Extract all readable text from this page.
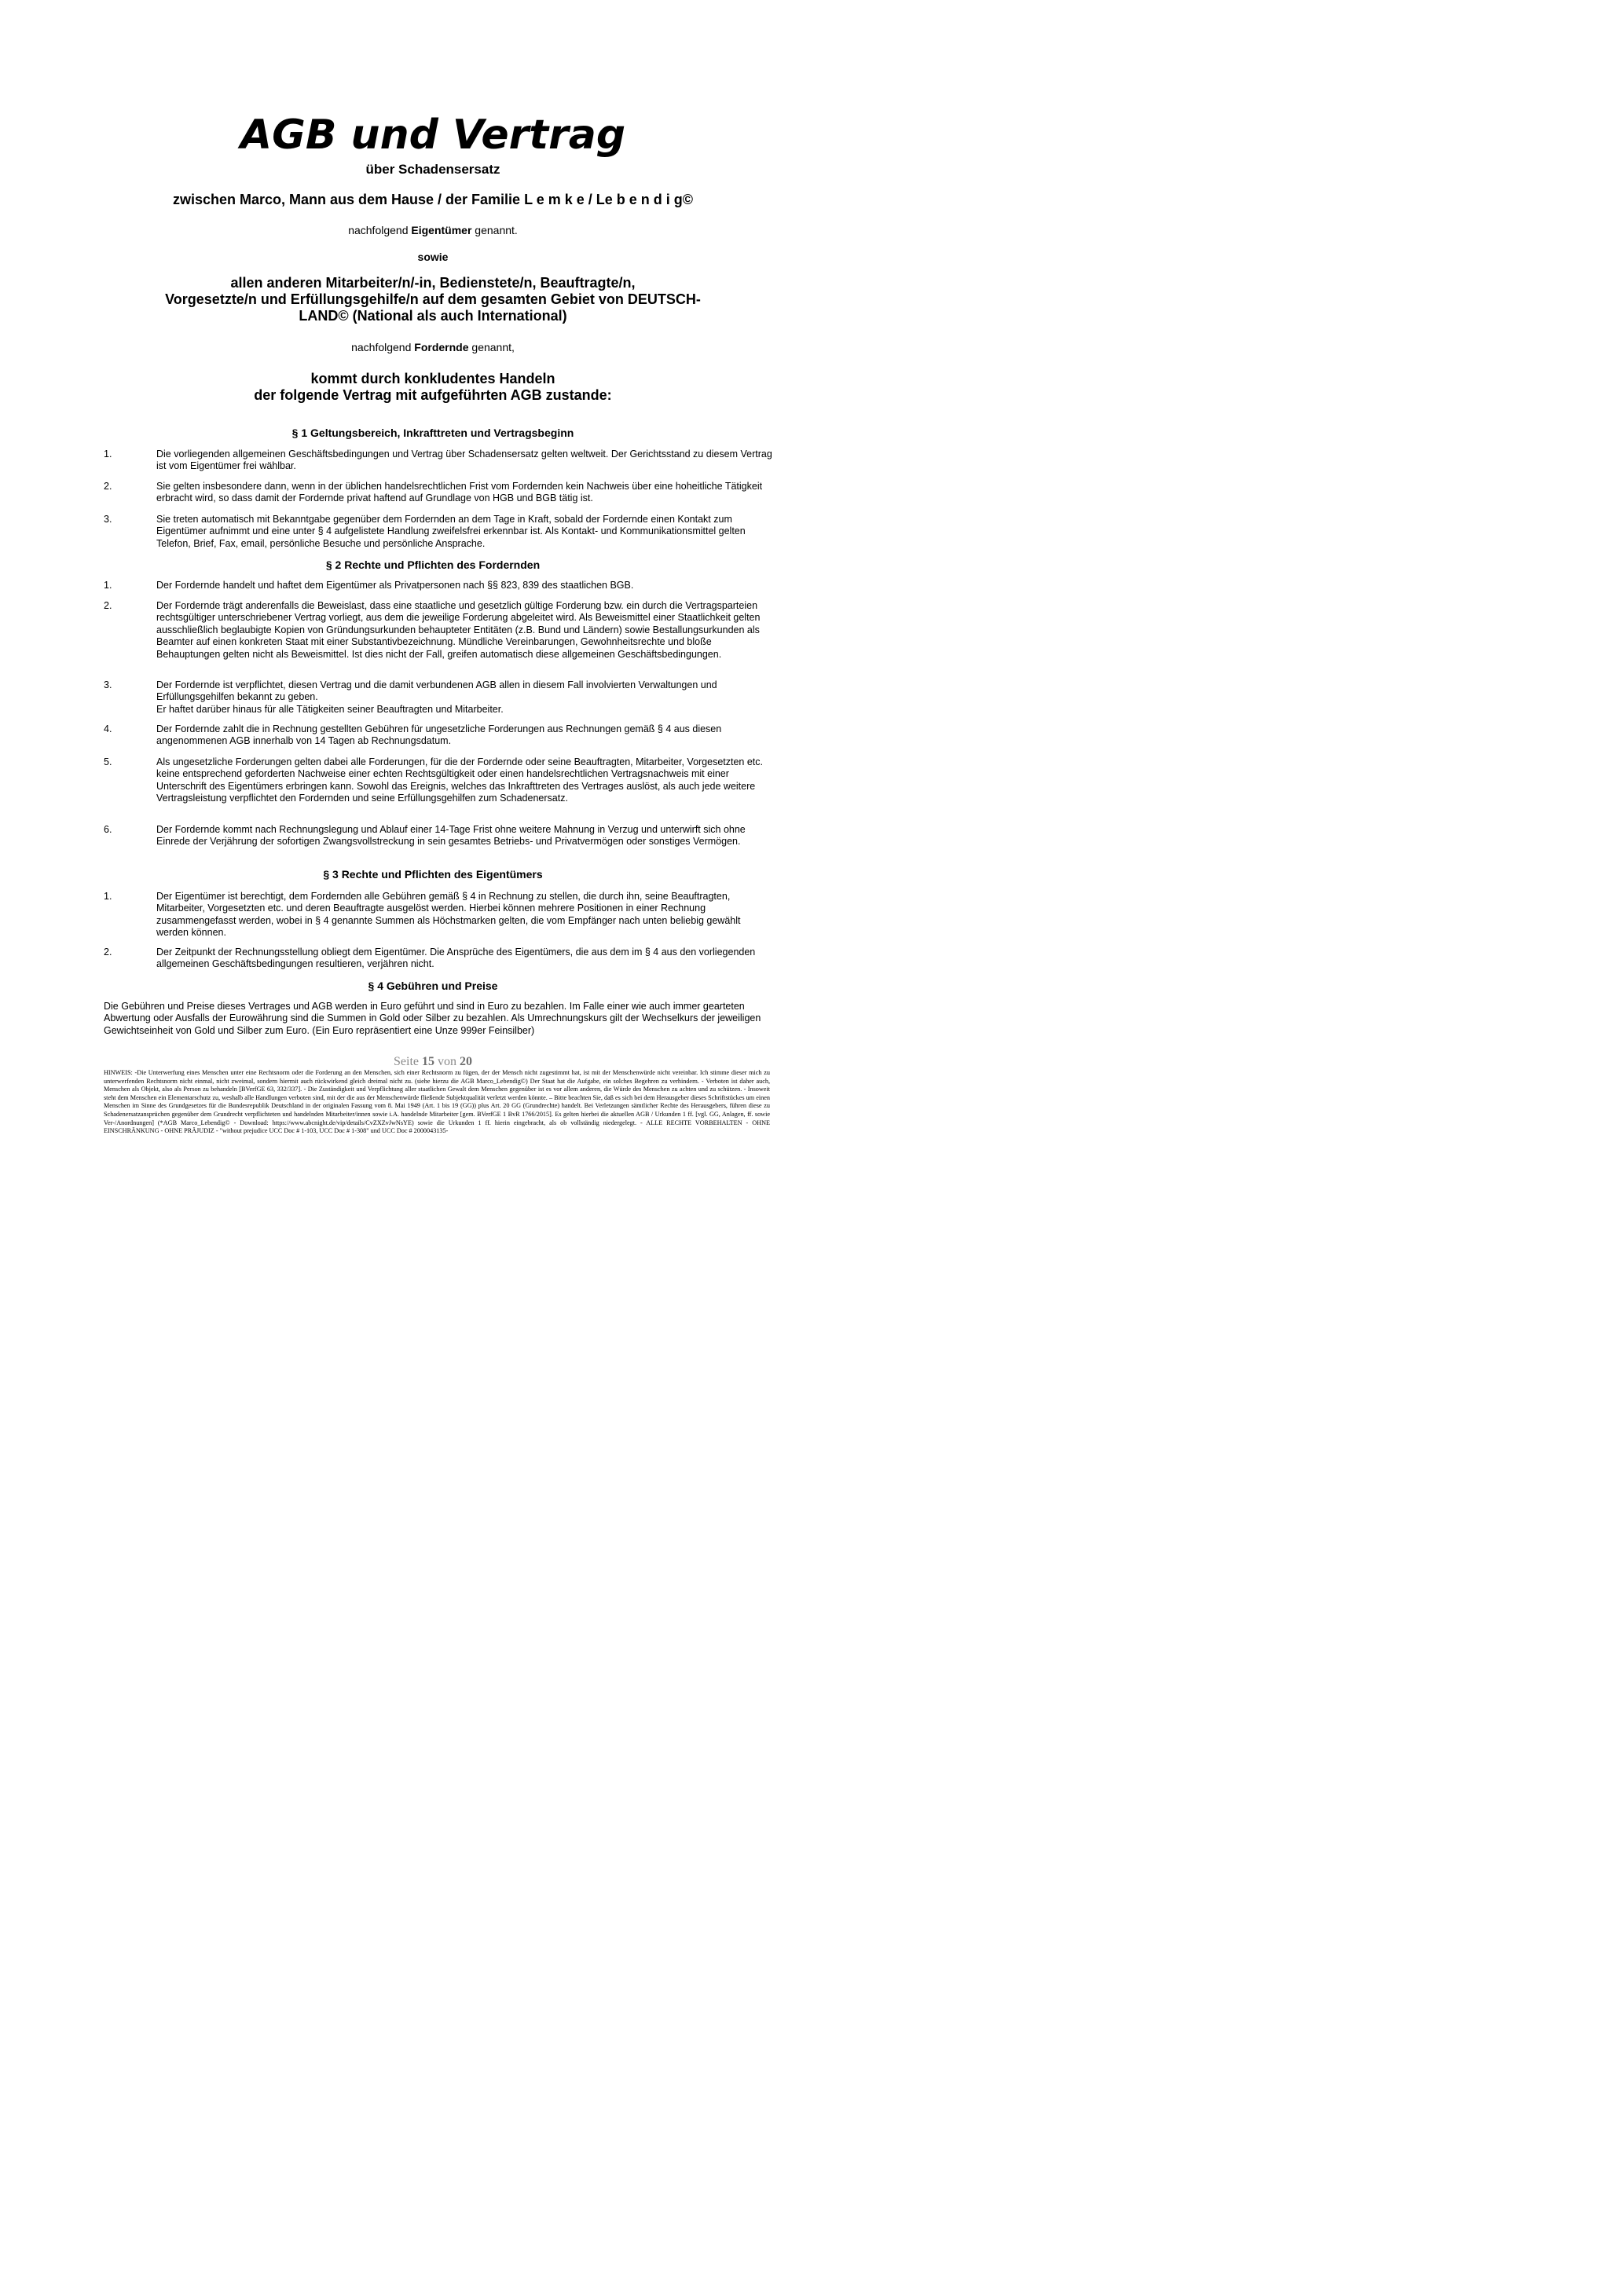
AGB und Vertrag
über Schadensersatz
zwischen Marco, Mann aus dem Hause / der Familie L e m k e / Le b e n d i g©
nachfolgend Eigentümer genannt.
sowie
allen anderen Mitarbeiter/n/-in, Bedienstete/n, Beauftragte/n,
Vorgesetzte/n und Erfüllungsgehilfe/n auf dem gesamten Gebiet von DEUTSCH-
LAND© (National als auch International)
nachfolgend Fordernde genannt,
kommt durch konkludentes Handeln
der folgende Vertrag mit aufgeführten AGB zustande:
§ 1 Geltungsbereich, Inkrafttreten und Vertragsbeginn
1.	Die vorliegenden allgemeinen Geschäftsbedingungen und Vertrag über Schadensersatz gelten weltweit. Der Gerichtsstand zu diesem Vertrag ist vom Eigentümer frei wählbar.
2.	Sie gelten insbesondere dann, wenn in der üblichen handelsrechtlichen Frist vom Fordernden kein Nachweis über eine hoheitliche Tätigkeit erbracht wird, so dass damit der Fordernde privat haftend auf Grundlage von HGB und BGB tätig ist.
3.	Sie treten automatisch mit Bekanntgabe gegenüber dem Fordernden an dem Tage in Kraft, sobald der Fordernde einen Kontakt zum Eigentümer aufnimmt und eine unter § 4 aufgelistete Handlung zweifelsfrei erkennbar ist. Als Kontakt- und Kommunikationsmittel gelten Telefon, Brief, Fax, email, persönliche Besuche und persönliche Ansprache.
§ 2 Rechte und Pflichten des Fordernden
1.	Der Fordernde handelt und haftet dem Eigentümer als Privatpersonen nach §§ 823, 839 des staatlichen BGB.
2.	Der Fordernde trägt anderenfalls die Beweislast, dass eine staatliche und gesetzlich gültige Forderung bzw. ein durch die Vertragsparteien rechtsgültiger unterschriebener Vertrag vorliegt, aus dem die jeweilige Forderung abgeleitet wird. Als Beweismittel einer Staatlichkeit gelten ausschließlich beglaubigte Kopien von Gründungsurkunden behaupteter Entitäten (z.B. Bund und Ländern) sowie Bestallungsurkunden als Beamter auf einen konkreten Staat mit einer Substantivbezeichnung. Mündliche Vereinbarungen, Gewohnheitsrechte und bloße Behauptungen gelten nicht als Beweismittel. Ist dies nicht der Fall, greifen automatisch diese allgemeinen Geschäftsbedingungen.
3.	Der Fordernde ist verpflichtet, diesen Vertrag und die damit verbundenen AGB allen in diesem Fall involvierten Verwaltungen und Erfüllungsgehilfen bekannt zu geben.
Er haftet darüber hinaus für alle Tätigkeiten seiner Beauftragten und Mitarbeiter.
4.	Der Fordernde zahlt die in Rechnung gestellten Gebühren für ungesetzliche Forderungen aus Rechnungen gemäß § 4 aus diesen angenommenen AGB innerhalb von 14 Tagen ab Rechnungsdatum.
5.	Als ungesetzliche Forderungen gelten dabei alle Forderungen, für die der Fordernde oder seine Beauftragten, Mitarbeiter, Vorgesetzten etc. keine entsprechend geforderten Nachweise einer echten Rechtsgültigkeit oder einen handelsrechtlichen Vertragsnachweis mit einer Unterschrift des Eigentümers erbringen kann. Sowohl das Ereignis, welches das Inkrafttreten des Vertrages auslöst, als auch jede weitere Vertragsleistung verpflichtet den Fordernden und seine Erfüllungsgehilfen zum Schadenersatz.
6.	Der Fordernde kommt nach Rechnungslegung und Ablauf einer 14-Tage Frist ohne weitere Mahnung in Verzug und unterwirft sich ohne Einrede der Verjährung der sofortigen Zwangsvollstreckung in sein gesamtes Betriebs- und Privatvermögen oder sonstiges Vermögen.
§ 3 Rechte und Pflichten des Eigentümers
1.	Der Eigentümer ist berechtigt, dem Fordernden alle Gebühren gemäß § 4 in Rechnung zu stellen, die durch ihn, seine Beauftragten, Mitarbeiter, Vorgesetzten etc. und deren Beauftragte ausgelöst werden. Hierbei können mehrere Positionen in einer Rechnung zusammengefasst werden, wobei in § 4 genannte Summen als Höchstmarken gelten, die vom Empfänger nach unten beliebig gewählt werden können.
2.	Der Zeitpunkt der Rechnungsstellung obliegt dem Eigentümer. Die Ansprüche des Eigentümers, die aus dem im § 4 aus den vorliegenden allgemeinen Geschäftsbedingungen resultieren, verjähren nicht.
§ 4 Gebühren und Preise
Die Gebühren und Preise dieses Vertrages und AGB werden in Euro geführt und sind in Euro zu bezahlen. Im Falle einer wie auch immer gearteten Abwertung oder Ausfalls der Eurowährung sind die Summen in Gold oder Silber zu bezahlen. Als Umrechnungskurs gilt der Wechselkurs der jeweiligen Gewichtseinheit von Gold und Silber zum Euro. (Ein Euro repräsentiert eine Unze 999er Feinsilber)
Seite 15 von 20
HINWEIS: -Die Unterwerfung eines Menschen unter eine Rechtsnorm oder die Forderung an den Menschen, sich einer Rechtsnorm zu fügen, der der Mensch nicht zugestimmt hat, ist mit der Menschenwürde nicht vereinbar. Ich stimme dieser mich zu unterwerfenden Rechtsnorm nicht einmal, nicht zweimal, sondern hiermit auch rückwirkend gleich dreimal nicht zu. (siehe hierzu die AGB Marco_Lebendig©) Der Staat hat die Aufgabe, ein solches Begehren zu verhindern. - Verboten ist daher auch, Menschen als Objekt, also als Person zu behandeln [BVerfGE 63, 332/337]. - Die Zuständigkeit und Verpflichtung aller staatlichen Gewalt dem Menschen gegenüber ist es vor allem anderen, die Würde des Menschen zu achten und zu schützen. - Insoweit steht dem Menschen ein Elementarschutz zu, weshalb alle Handlungen verboten sind, mit der die aus der Menschenwürde fließende Subjektqualität verletzt werden könnte. – Bitte beachten Sie, daß es sich bei dem Herausgeber dieses Schriftstückes um einen Menschen im Sinne des Grundgesetzes für die Bundesrepublik Deutschland in der originalen Fassung vom 8. Mai 1949 (Art. 1 bis 19 (GG)) plus Art. 20 GG (Grundrechte) handelt. Bei Verletzungen sämtlicher Rechte des Herausgebers, führen diese zu Schadenersatzansprüchen gegenüber dem Grundrecht verpflichteten und handelnden Mitarbeiter/innen sowie i.A. handelnde Mitarbeiter [gem. BVerfGE 1 BvR 1766/2015]. Es gelten hierbei die aktuellen AGB / Urkunden 1 ff. [vgl. GG, Anlagen, ff. sowie Ver-/Anordnungen] (*AGB Marco_Lebendig© - Download: https://www.abcnight.de/vip/details/CvZXZvJwNsYE) sowie die Urkunden 1 ff. hierin eingebracht, als ob vollständig niedergelegt. - ALLE RECHTE VORBEHALTEN - OHNE EINSCHRÄNKUNG - OHNE PRÄJUDIZ - "without prejudice UCC Doc # 1-103, UCC Doc # 1-308" und UCC Doc # 2000043135-
